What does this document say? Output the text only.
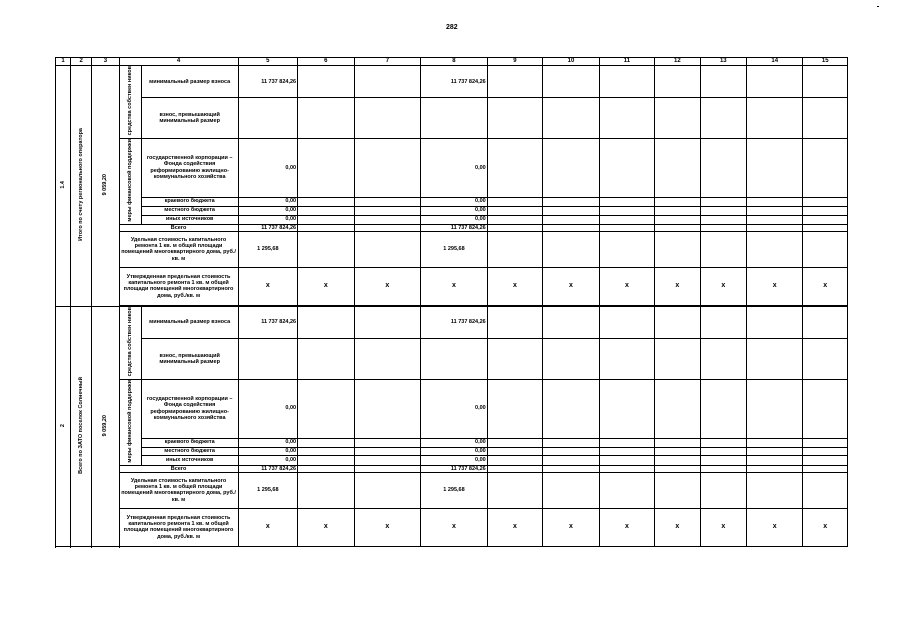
282
1	2	3	4		5	6	7	8	9	10	11	12	13	14	15
1.4	Итого по счету регионального оператора	9 059,20	средства собствен ников	минимальный размер взноса	11 737 824,26			11 737 824,26							
				взнос, превышающий минимальный размер											
			меры финансовой поддержки	государственной корпорации – Фонда содействия реформированию жилищно-коммунального хозяйства	0,00			0,00							
				краевого бюджета	0,00			0,00							
				местного бюджета	0,00			0,00							
				иных источников	0,00			0,00							
			Всего		11 737 824,26			11 737 824,26							
			Удельная стоимость капитального ремонта 1 кв. м общей площади помещений многоквартирного дома, руб./кв. м		1 295,68			1 295,68							
			Утвержденная предельная стоимость капитального ремонта 1 кв. м общей площади помещений многоквартирного дома, руб./кв. м		x	x	x	x	x	x	x	x	x	x	x

2	Всего по ЗАТО поселок Солнечный	9 059,20	средства собствен ников	минимальный размер взноса	11 737 824,26			11 737 824,26							
				взнос, превышающий минимальный размер											
			меры финансовой поддержки	государственной корпорации – Фонда содействия реформированию жилищно-коммунального хозяйства	0,00			0,00							
				краевого бюджета	0,00			0,00							
				местного бюджета	0,00			0,00							
				иных источников	0,00			0,00							
			Всего		11 737 824,26			11 737 824,26							
			Удельная стоимость капитального ремонта 1 кв. м общей площади помещений многоквартирного дома, руб./кв. м		1 295,68			1 295,68							
			Утвержденная предельная стоимость капитального ремонта 1 кв. м общей площади помещений многоквартирного дома, руб./кв. м		x	x	x	x	x	x	x	x	x	x	x
